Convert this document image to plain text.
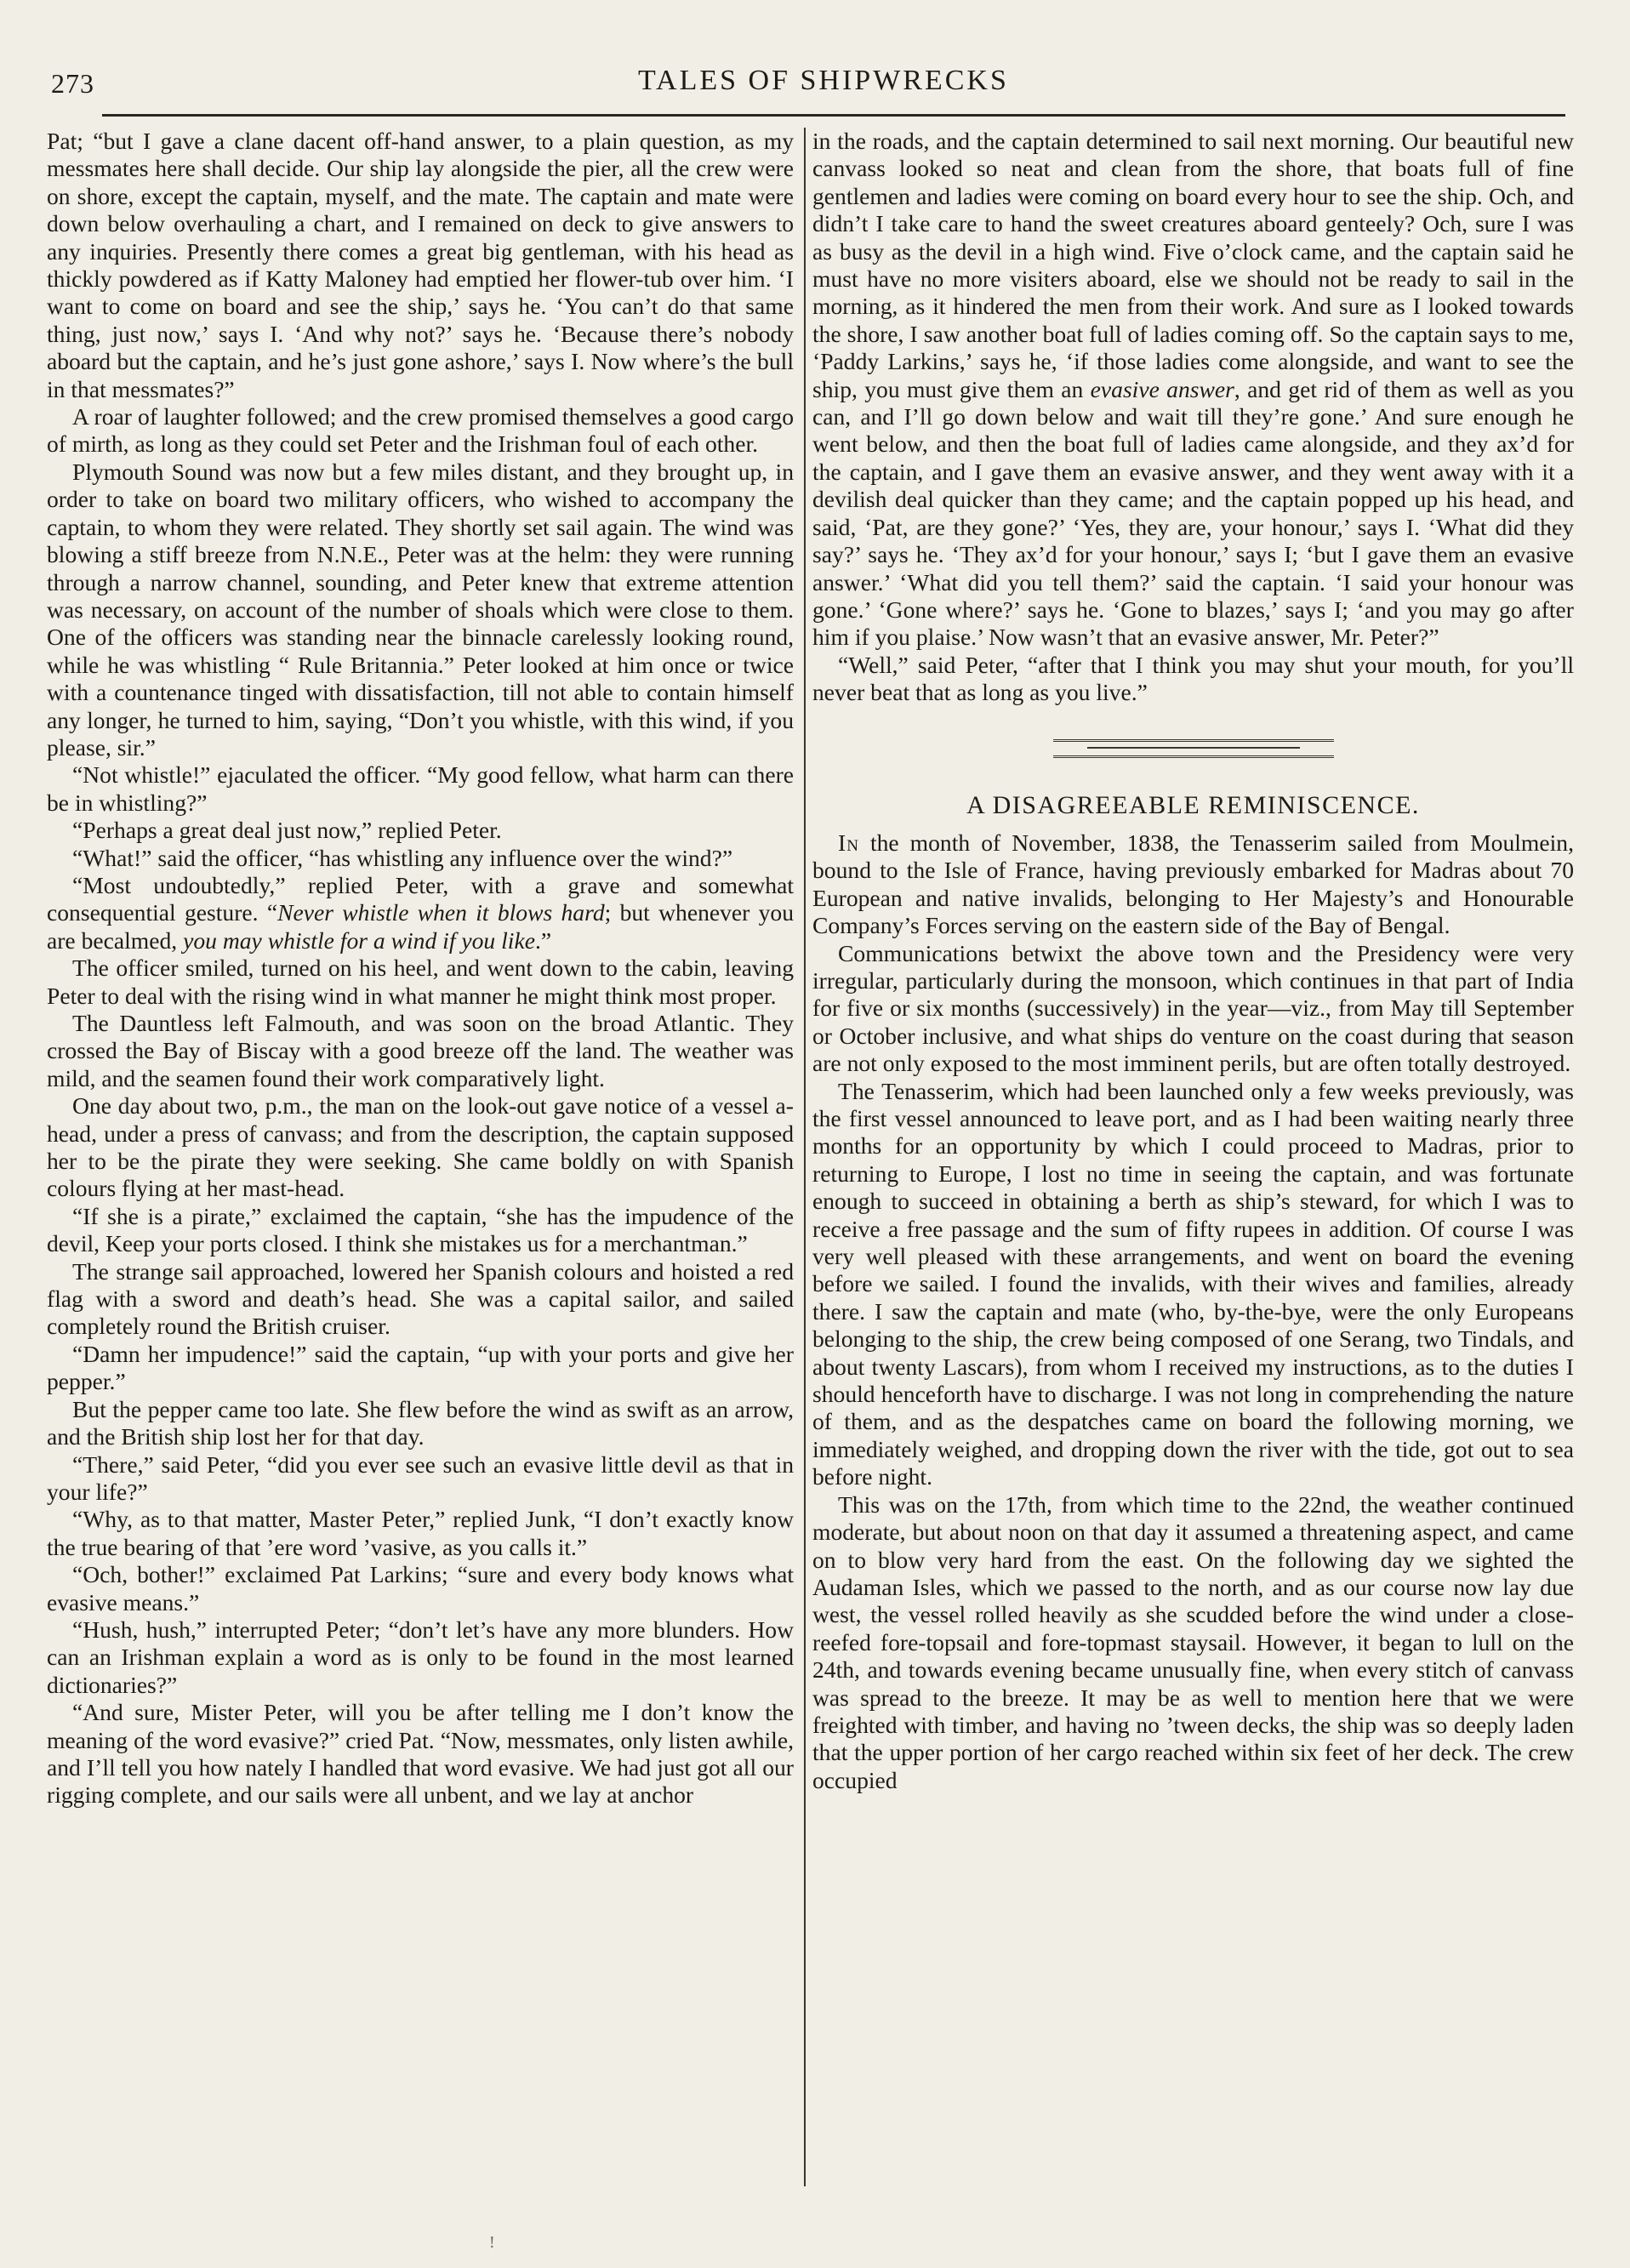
273	TALES OF SHIPWRECKS

Pat; “but I gave a clane dacent off-hand answer, to a plain question, as my messmates here shall decide. Our ship lay alongside the pier, all the crew were on shore, except the captain, myself, and the mate. The captain and mate were down below overhauling a chart, and I remained on deck to give answers to any inquiries. Presently there comes a great big gentleman, with his head as thickly powdered as if Katty Maloney had emptied her flower-tub over him. ‘I want to come on board and see the ship,’ says he. ‘You can’t do that same thing, just now,’ says I. ‘And why not?’ says he. ‘Because there’s nobody aboard but the captain, and he’s just gone ashore,’ says I. Now where’s the bull in that messmates?”

A roar of laughter followed; and the crew promised themselves a good cargo of mirth, as long as they could set Peter and the Irishman foul of each other.

Plymouth Sound was now but a few miles distant, and they brought up, in order to take on board two military officers, who wished to accompany the captain, to whom they were related. They shortly set sail again. The wind was blowing a stiff breeze from N.N.E., Peter was at the helm: they were running through a narrow channel, sounding, and Peter knew that extreme attention was necessary, on account of the number of shoals which were close to them. One of the officers was standing near the binnacle carelessly looking round, while he was whistling “ Rule Britannia.” Peter looked at him once or twice with a countenance tinged with dissatisfaction, till not able to contain himself any longer, he turned to him, saying, “Don’t you whistle, with this wind, if you please, sir.”

“Not whistle!” ejaculated the officer. “My good fellow, what harm can there be in whistling?”

“Perhaps a great deal just now,” replied Peter.

“What!” said the officer, “has whistling any influence over the wind?”

“Most undoubtedly,” replied Peter, with a grave and somewhat consequential gesture. “Never whistle when it blows hard; but whenever you are becalmed, you may whistle for a wind if you like.”

The officer smiled, turned on his heel, and went down to the cabin, leaving Peter to deal with the rising wind in what manner he might think most proper.

The Dauntless left Falmouth, and was soon on the broad Atlantic. They crossed the Bay of Biscay with a good breeze off the land. The weather was mild, and the seamen found their work comparatively light.

One day about two, p.m., the man on the look-out gave notice of a vessel a-head, under a press of canvass; and from the description, the captain supposed her to be the pirate they were seeking. She came boldly on with Spanish colours flying at her mast-head.

“If she is a pirate,” exclaimed the captain, “she has the impudence of the devil, Keep your ports closed. I think she mistakes us for a merchantman.”

The strange sail approached, lowered her Spanish colours and hoisted a red flag with a sword and death’s head. She was a capital sailor, and sailed completely round the British cruiser.

“Damn her impudence!” said the captain, “up with your ports and give her pepper.”

But the pepper came too late. She flew before the wind as swift as an arrow, and the British ship lost her for that day.

“There,” said Peter, “did you ever see such an evasive little devil as that in your life?”

“Why, as to that matter, Master Peter,” replied Junk, “I don’t exactly know the true bearing of that ’ere word ’vasive, as you calls it.”

“Och, bother!” exclaimed Pat Larkins; “sure and every body knows what evasive means.”

“Hush, hush,” interrupted Peter; “don’t let’s have any more blunders. How can an Irishman explain a word as is only to be found in the most learned dictionaries?”

“And sure, Mister Peter, will you be after telling me I don’t know the meaning of the word evasive?” cried Pat. “Now, messmates, only listen awhile, and I’ll tell you how nately I handled that word evasive. We had just got all our rigging complete, and our sails were all unbent, and we lay at anchor

in the roads, and the captain determined to sail next morning. Our beautiful new canvass looked so neat and clean from the shore, that boats full of fine gentlemen and ladies were coming on board every hour to see the ship. Och, and didn’t I take care to hand the sweet creatures aboard genteely? Och, sure I was as busy as the devil in a high wind. Five o’clock came, and the captain said he must have no more visiters aboard, else we should not be ready to sail in the morning, as it hindered the men from their work. And sure as I looked towards the shore, I saw another boat full of ladies coming off. So the captain says to me, ‘Paddy Larkins,’ says he, ‘if those ladies come alongside, and want to see the ship, you must give them an evasive answer, and get rid of them as well as you can, and I’ll go down below and wait till they’re gone.’ And sure enough he went below, and then the boat full of ladies came alongside, and they ax’d for the captain, and I gave them an evasive answer, and they went away with it a devilish deal quicker than they came; and the captain popped up his head, and said, ‘Pat, are they gone?’ ‘Yes, they are, your honour,’ says I. ‘What did they say?’ says he. ‘They ax’d for your honour,’ says I; ‘but I gave them an evasive answer.’ ‘What did you tell them?’ said the captain. ‘I said your honour was gone.’ ‘Gone where?’ says he. ‘Gone to blazes,’ says I; ‘and you may go after him if you plaise.’ Now wasn’t that an evasive answer, Mr. Peter?”

“Well,” said Peter, “after that I think you may shut your mouth, for you’ll never beat that as long as you live.”

A DISAGREEABLE REMINISCENCE.

In the month of November, 1838, the Tenasserim sailed from Moulmein, bound to the Isle of France, having previously embarked for Madras about 70 European and native invalids, belonging to Her Majesty’s and Honourable Company’s Forces serving on the eastern side of the Bay of Bengal.

Communications betwixt the above town and the Presidency were very irregular, particularly during the monsoon, which continues in that part of India for five or six months (successively) in the year—viz., from May till September or October inclusive, and what ships do venture on the coast during that season are not only exposed to the most imminent perils, but are often totally destroyed.

The Tenasserim, which had been launched only a few weeks previously, was the first vessel announced to leave port, and as I had been waiting nearly three months for an opportunity by which I could proceed to Madras, prior to returning to Europe, I lost no time in seeing the captain, and was fortunate enough to succeed in obtaining a berth as ship’s steward, for which I was to receive a free passage and the sum of fifty rupees in addition. Of course I was very well pleased with these arrangements, and went on board the evening before we sailed. I found the invalids, with their wives and families, already there. I saw the captain and mate (who, by-the-bye, were the only Europeans belonging to the ship, the crew being composed of one Serang, two Tindals, and about twenty Lascars), from whom I received my instructions, as to the duties I should henceforth have to discharge. I was not long in comprehending the nature of them, and as the despatches came on board the following morning, we immediately weighed, and dropping down the river with the tide, got out to sea before night.

This was on the 17th, from which time to the 22nd, the weather continued moderate, but about noon on that day it assumed a threatening aspect, and came on to blow very hard from the east. On the following day we sighted the Audaman Isles, which we passed to the north, and as our course now lay due west, the vessel rolled heavily as she scudded before the wind under a close-reefed fore-topsail and fore-topmast staysail. However, it began to lull on the 24th, and towards evening became unusually fine, when every stitch of canvass was spread to the breeze. It may be as well to mention here that we were freighted with timber, and having no ’tween decks, the ship was so deeply laden that the upper portion of her cargo reached within six feet of her deck. The crew occupied

!
